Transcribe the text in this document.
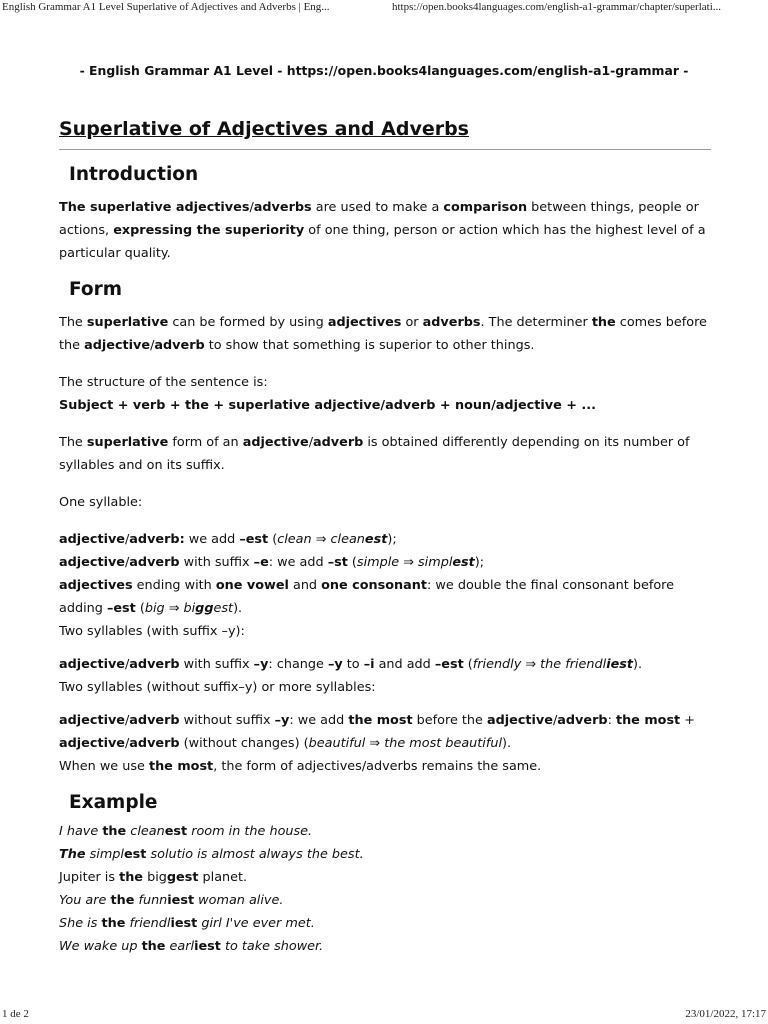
English Grammar A1 Level Superlative of Adjectives and Adverbs | Eng...	https://open.books4languages.com/english-a1-grammar/chapter/superlati...
- English Grammar A1 Level - https://open.books4languages.com/english-a1-grammar -
Superlative of Adjectives and Adverbs
Introduction

The superlative adjectives/adverbs are used to make a comparison between things, people or actions, expressing the superiority of one thing, person or action which has the highest level of a particular quality.

Form

The superlative can be formed by using adjectives or adverbs. The determiner the comes before the adjective/adverb to show that something is superior to other things.

The structure of the sentence is:

Subject + verb + the + superlative adjective/adverb + noun/adjective + ...

The superlative form of an adjective/adverb is obtained differently depending on its number of syllables and on its suffix.

One syllable:

adjective/adverb: we add –est (clean ⇒ cleanest);

adjective/adverb with suffix –e: we add –st (simple ⇒ simplest);

adjectives ending with one vowel and one consonant: we double the final consonant before adding –est (big ⇒ biggest).

Two syllables (with suffix –y):

adjective/adverb with suffix –y: change –y to –i and add –est (friendly ⇒ the friendliest).

Two syllables (without suffix–y) or more syllables:

adjective/adverb without suffix –y: we add the most before the adjective/adverb: the most + adjective/adverb (without changes) (beautiful ⇒ the most beautiful).

When we use the most, the form of adjectives/adverbs remains the same.

Example

I have the cleanest room in the house.

The simplest solutio is almost always the best.

Jupiter is the biggest planet.

You are the funniest woman alive.

She is the friendliest girl I've ever met.

We wake up the earliest to take shower.

1 de 2	23/01/2022, 17:17
